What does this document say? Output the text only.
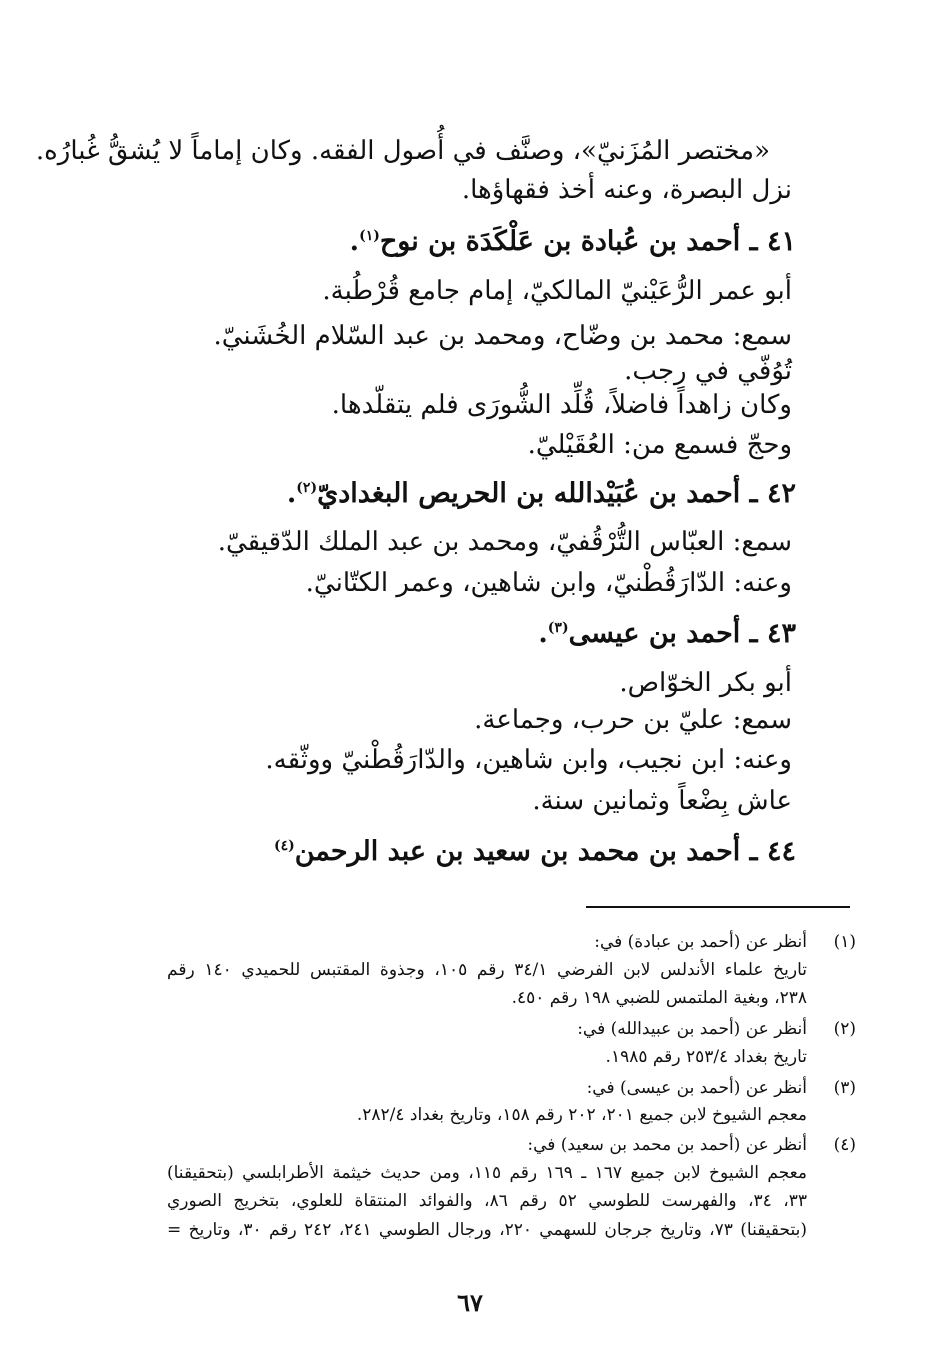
«مختصر المُزَنيّ»، وصنَّف في أُصول الفقه. وكان إماماً لا يُشقُّ غُبارُه.
نزل البصرة، وعنه أخذ فقهاؤها.
٤١ ـ أحمد بن عُبادة بن عَلْكَدَة بن نوح$^{(١)}$.
أبو عمر الرُّعَيْنيّ المالكيّ، إمام جامع قُرْطُبة.
سمع: محمد بن وضّاح، ومحمد بن عبد السّلام الخُشَنيّ.
تُوُفّي في رجب.
وكان زاهداً فاضلاً، قُلِّد الشُّورَى فلم يتقلّدها.
وحجّ فسمع من: العُقَيْليّ.
٤٢ ـ أحمد بن عُبَيْدالله بن الحريص البغداديّ$^{(٢)}$.
سمع: العبّاس التُّرْقُفيّ، ومحمد بن عبد الملك الدّقيقيّ.
وعنه: الدّارَقُطْنيّ، وابن شاهين، وعمر الكتّانيّ.
٤٣ ـ أحمد بن عيسى$^{(٣)}$.
أبو بكر الخوّاص.
سمع: عليّ بن حرب، وجماعة.
وعنه: ابن نجيب، وابن شاهين، والدّارَقُطْنيّ ووثّقه.
عاش بِضْعاً وثمانين سنة.
٤٤ ـ أحمد بن محمد بن سعيد بن عبد الرحمن$^{(٤)}$
(١)
أنظر عن (أحمد بن عبادة) في:
تاريخ علماء الأندلس لابن الفرضي ٣٤/١ رقم ١٠٥، وجذوة المقتبس للحميدي ١٤٠ رقم
٢٣٨، وبغية الملتمس للضبي ١٩٨ رقم ٤٥٠.
(٢)
أنظر عن (أحمد بن عبيدالله) في:
تاريخ بغداد ٢٥٣/٤ رقم ١٩٨٥.
(٣)
أنظر عن (أحمد بن عيسى) في:
معجم الشيوخ لابن جميع ٢٠١، ٢٠٢ رقم ١٥٨، وتاريخ بغداد ٢٨٢/٤.
(٤)
أنظر عن (أحمد بن محمد بن سعيد) في:
معجم الشيوخ لابن جميع ١٦٧ ـ ١٦٩ رقم ١١٥، ومن حديث خيثمة الأطرابلسي (بتحقيقنا)
٣٣، ٣٤، والفهرست للطوسي ٥٢ رقم ٨٦، والفوائد المنتقاة للعلوي، بتخريج الصوري
(بتحقيقنا) ٧٣، وتاريخ جرجان للسهمي ٢٢٠، ورجال الطوسي ٢٤١، ٢٤٢ رقم ٣٠، وتاريخ =
٦٧
